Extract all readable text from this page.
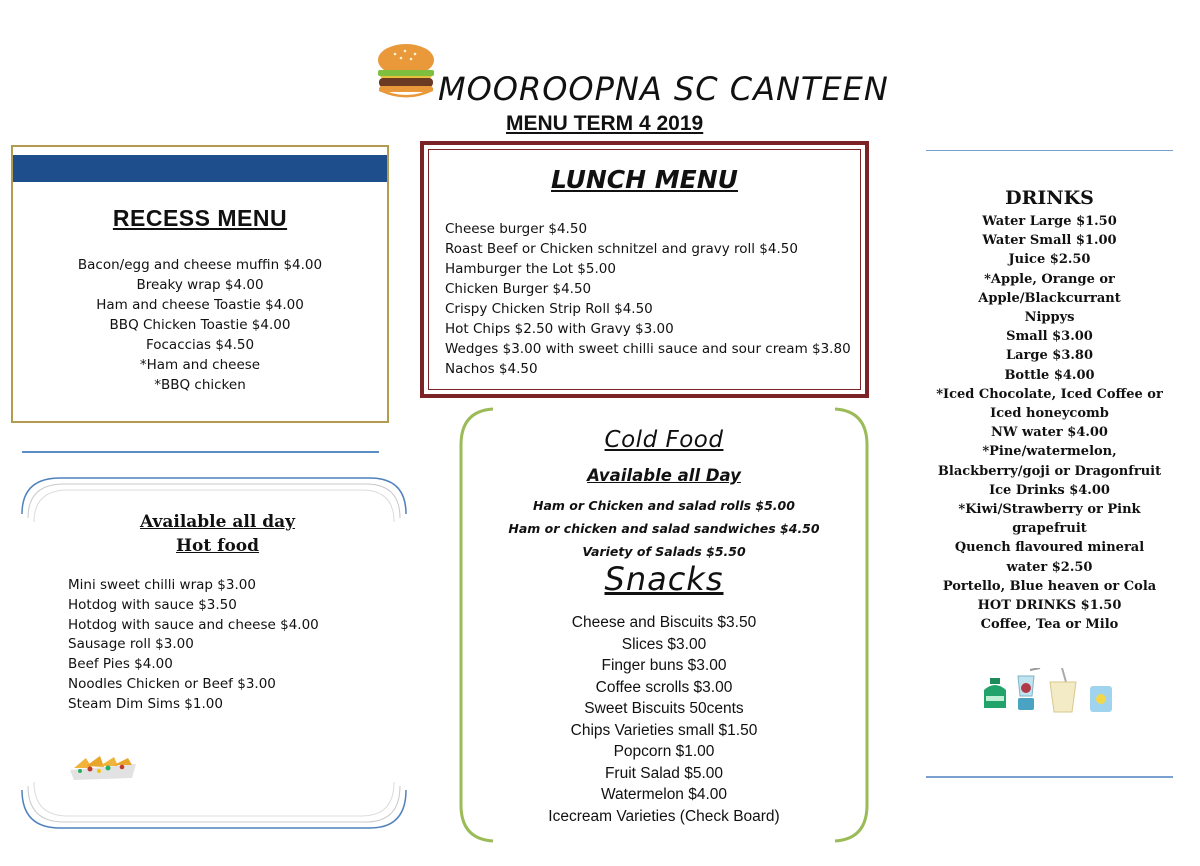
MOOROOPNA SC CANTEEN
MENU TERM 4 2019
RECESS MENU
Bacon/egg and cheese muffin $4.00
Breaky wrap $4.00
Ham and cheese Toastie $4.00
BBQ Chicken Toastie $4.00
Focaccias $4.50
*Ham and cheese
*BBQ chicken
Available all day
Hot food
Mini sweet chilli wrap $3.00
Hotdog with sauce $3.50
Hotdog with sauce and cheese $4.00
Sausage roll $3.00
Beef Pies $4.00
Noodles Chicken or Beef $3.00
Steam Dim Sims $1.00
LUNCH MENU
Cheese burger $4.50
Roast Beef or Chicken schnitzel and gravy roll $4.50
Hamburger the Lot $5.00
Chicken Burger $4.50
Crispy Chicken Strip Roll $4.50
Hot Chips $2.50 with Gravy $3.00
Wedges $3.00 with sweet chilli sauce and sour cream $3.80
Nachos $4.50
Cold Food
Available all Day
Ham or Chicken and salad rolls $5.00
Ham or chicken and salad sandwiches $4.50
Variety of Salads $5.50
Snacks
Cheese and Biscuits $3.50
Slices $3.00
Finger buns $3.00
Coffee scrolls $3.00
Sweet Biscuits 50cents
Chips Varieties small $1.50
Popcorn $1.00
Fruit Salad $5.00
Watermelon $4.00
Icecream Varieties (Check Board)
DRINKS
Water Large $1.50
Water Small $1.00
Juice $2.50
*Apple, Orange or
Apple/Blackcurrant
Nippys
Small $3.00
Large $3.80
Bottle $4.00
*Iced Chocolate, Iced Coffee or
Iced honeycomb
NW water $4.00
*Pine/watermelon,
Blackberry/goji or Dragonfruit
Ice Drinks $4.00
*Kiwi/Strawberry or Pink
grapefruit
Quench flavoured mineral
water $2.50
Portello, Blue heaven or Cola
HOT DRINKS $1.50
Coffee, Tea or Milo
